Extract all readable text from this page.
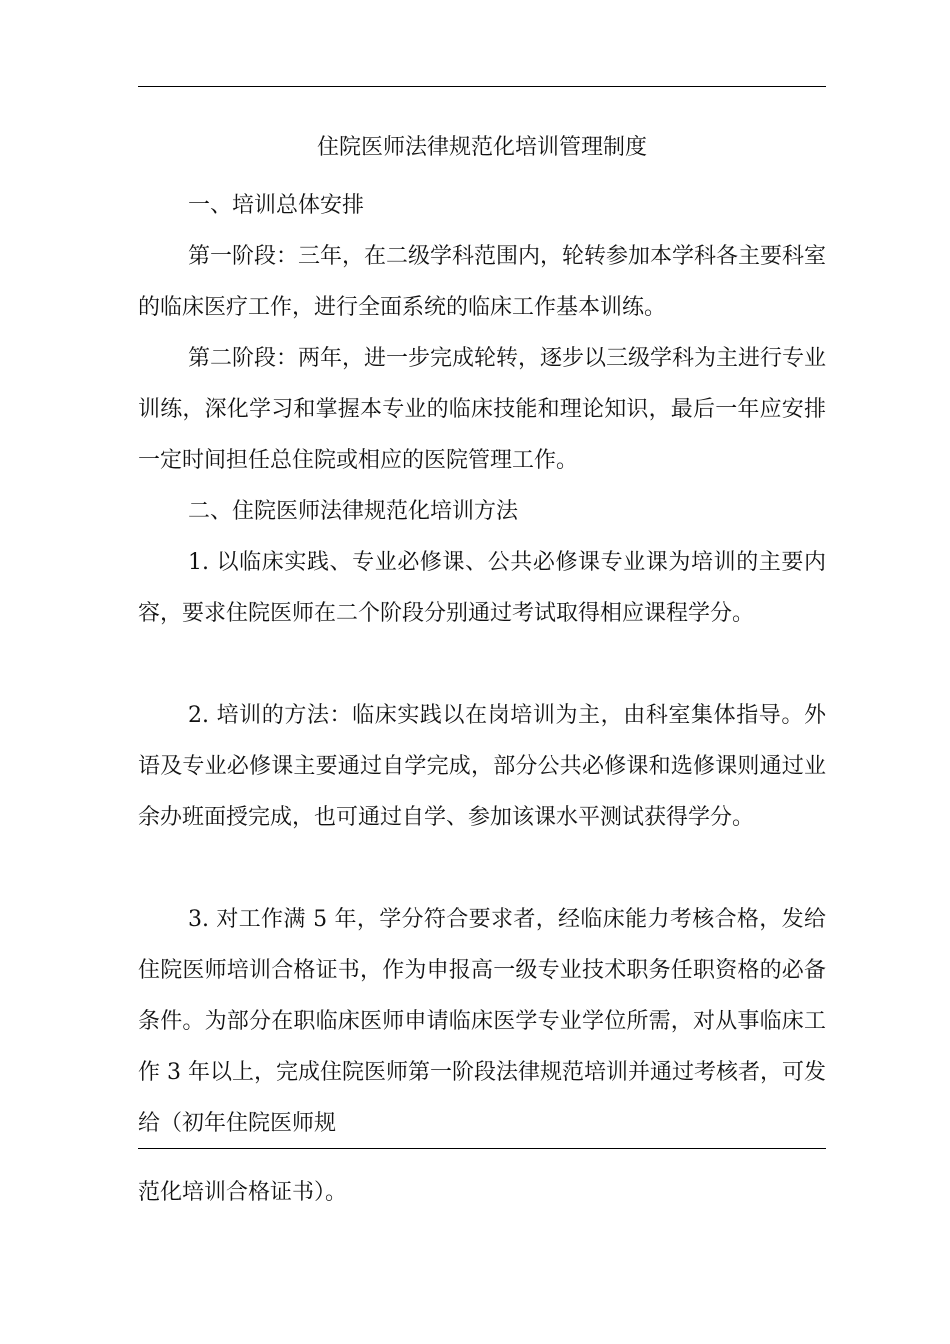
住院医师法律规范化培训管理制度

一、培训总体安排

第一阶段：三年，在二级学科范围内，轮转参加本学科各主要科室的临床医疗工作，进行全面系统的临床工作基本训练。

第二阶段：两年，进一步完成轮转，逐步以三级学科为主进行专业训练，深化学习和掌握本专业的临床技能和理论知识，最后一年应安排一定时间担任总住院或相应的医院管理工作。

二、住院医师法律规范化培训方法

1. 以临床实践、专业必修课、公共必修课专业课为培训的主要内容，要求住院医师在二个阶段分别通过考试取得相应课程学分。

2. 培训的方法：临床实践以在岗培训为主，由科室集体指导。外语及专业必修课主要通过自学完成，部分公共必修课和选修课则通过业余办班面授完成，也可通过自学、参加该课水平测试获得学分。

3. 对工作满 5 年，学分符合要求者，经临床能力考核合格，发给住院医师培训合格证书，作为申报高一级专业技术职务任职资格的必备条件。为部分在职临床医师申请临床医学专业学位所需，对从事临床工作 3 年以上，完成住院医师第一阶段法律规范培训并通过考核者，可发给（初年住院医师规

范化培训合格证书）。
